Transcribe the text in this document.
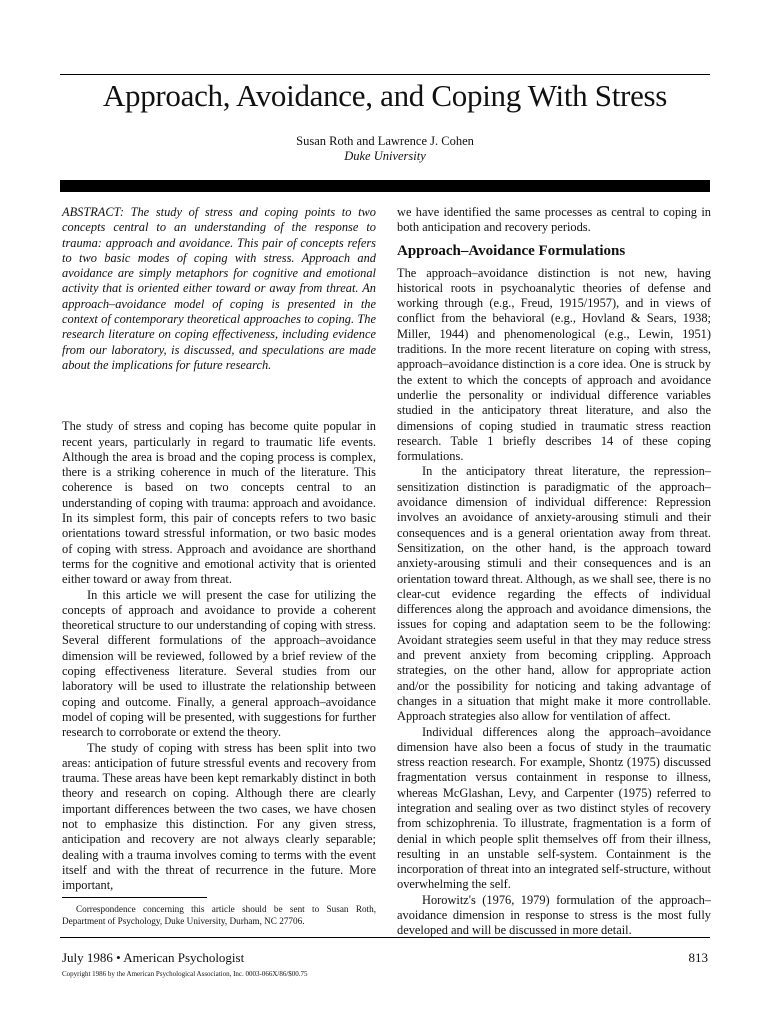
Approach, Avoidance, and Coping With Stress
Susan Roth and Lawrence J. Cohen
Duke University

ABSTRACT: The study of stress and coping points to two concepts central to an understanding of the response to trauma: approach and avoidance. This pair of concepts refers to two basic modes of coping with stress. Approach and avoidance are simply metaphors for cognitive and emotional activity that is oriented either toward or away from threat. An approach–avoidance model of coping is presented in the context of contemporary theoretical approaches to coping. The research literature on coping effectiveness, including evidence from our laboratory, is discussed, and speculations are made about the implications for future research.

The study of stress and coping has become quite popular in recent years, particularly in regard to traumatic life events. Although the area is broad and the coping process is complex, there is a striking coherence in much of the literature. This coherence is based on two concepts central to an understanding of coping with trauma: approach and avoidance. In its simplest form, this pair of concepts refers to two basic orientations toward stressful information, or two basic modes of coping with stress. Approach and avoidance are shorthand terms for the cognitive and emotional activity that is oriented either toward or away from threat.

In this article we will present the case for utilizing the concepts of approach and avoidance to provide a coherent theoretical structure to our understanding of coping with stress. Several different formulations of the approach–avoidance dimension will be reviewed, followed by a brief review of the coping effectiveness literature. Several studies from our laboratory will be used to illustrate the relationship between coping and outcome. Finally, a general approach–avoidance model of coping will be presented, with suggestions for further research to corroborate or extend the theory.

The study of coping with stress has been split into two areas: anticipation of future stressful events and recovery from trauma. These areas have been kept remarkably distinct in both theory and research on coping. Although there are clearly important differences between the two cases, we have chosen not to emphasize this distinction. For any given stress, anticipation and recovery are not always clearly separable; dealing with a trauma involves coming to terms with the event itself and with the threat of recurrence in the future. More important,

Correspondence concerning this article should be sent to Susan Roth, Department of Psychology, Duke University, Durham, NC 27706.

we have identified the same processes as central to coping in both anticipation and recovery periods.

Approach–Avoidance Formulations

The approach–avoidance distinction is not new, having historical roots in psychoanalytic theories of defense and working through (e.g., Freud, 1915/1957), and in views of conflict from the behavioral (e.g., Hovland & Sears, 1938; Miller, 1944) and phenomenological (e.g., Lewin, 1951) traditions. In the more recent literature on coping with stress, approach–avoidance distinction is a core idea. One is struck by the extent to which the concepts of approach and avoidance underlie the personality or individual difference variables studied in the anticipatory threat literature, and also the dimensions of coping studied in traumatic stress reaction research. Table 1 briefly describes 14 of these coping formulations.

In the anticipatory threat literature, the repression–sensitization distinction is paradigmatic of the approach–avoidance dimension of individual difference: Repression involves an avoidance of anxiety-arousing stimuli and their consequences and is a general orientation away from threat. Sensitization, on the other hand, is the approach toward anxiety-arousing stimuli and their consequences and is an orientation toward threat. Although, as we shall see, there is no clear-cut evidence regarding the effects of individual differences along the approach and avoidance dimensions, the issues for coping and adaptation seem to be the following: Avoidant strategies seem useful in that they may reduce stress and prevent anxiety from becoming crippling. Approach strategies, on the other hand, allow for appropriate action and/or the possibility for noticing and taking advantage of changes in a situation that might make it more controllable. Approach strategies also allow for ventilation of affect.

Individual differences along the approach–avoidance dimension have also been a focus of study in the traumatic stress reaction research. For example, Shontz (1975) discussed fragmentation versus containment in response to illness, whereas McGlashan, Levy, and Carpenter (1975) referred to integration and sealing over as two distinct styles of recovery from schizophrenia. To illustrate, fragmentation is a form of denial in which people split themselves off from their illness, resulting in an unstable self-system. Containment is the incorporation of threat into an integrated self-structure, without overwhelming the self.

Horowitz's (1976, 1979) formulation of the approach–avoidance dimension in response to stress is the most fully developed and will be discussed in more detail.

July 1986 • American Psychologist	813
Copyright 1986 by the American Psychological Association, Inc. 0003-066X/86/$00.75
